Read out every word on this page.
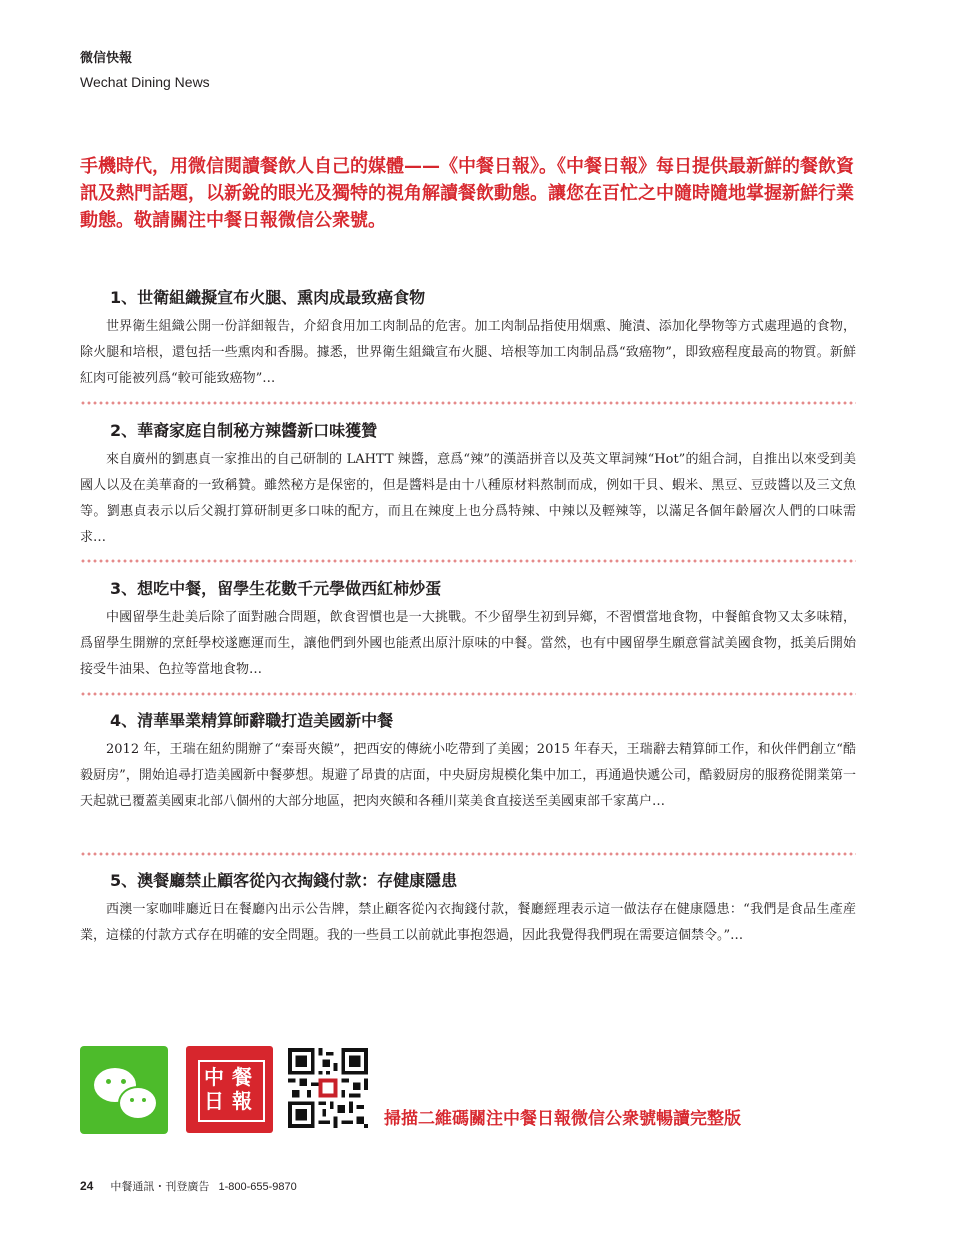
微信快報
Wechat Dining News
手機時代，用微信閱讀餐飲人自己的媒體——《中餐日報》。《中餐日報》每日提供最新鮮的餐飲資訊及熱門話題，以新銳的眼光及獨特的視角解讀餐飲動態。讓您在百忙之中隨時隨地掌握新鮮行業動態。敬請關注中餐日報微信公衆號。
1、世衛組織擬宣布火腿、熏肉成最致癌食物

世界衛生組織公開一份詳細報告，介紹食用加工肉制品的危害。加工肉制品指使用烟熏、腌漬、添加化學物等方式處理過的食物，除火腿和培根，還包括一些熏肉和香腸。據悉，世界衛生組織宣布火腿、培根等加工肉制品爲“致癌物”，即致癌程度最高的物質。新鮮紅肉可能被列爲“較可能致癌物”…

2、華裔家庭自制秘方辣醬新口味獲贊

來自廣州的劉惠貞一家推出的自己研制的 LAHTT 辣醬，意爲“辣”的漢語拼音以及英文單詞辣“Hot”的組合詞，自推出以來受到美國人以及在美華裔的一致稱贊。雖然秘方是保密的，但是醬料是由十八種原材料熬制而成，例如干貝、蝦米、黑豆、豆豉醬以及三文魚等。劉惠貞表示以后父親打算研制更多口味的配方，而且在辣度上也分爲特辣、中辣以及輕辣等，以滿足各個年齡層次人們的口味需求…

3、想吃中餐，留學生花數千元學做西紅柿炒蛋

中國留學生赴美后除了面對融合問題，飲食習慣也是一大挑戰。不少留學生初到异鄉，不習慣當地食物，中餐館食物又太多味精，爲留學生開辦的烹飪學校遂應運而生，讓他們到外國也能煮出原汁原味的中餐。當然，也有中國留學生願意嘗試美國食物，抵美后開始接受牛油果、色拉等當地食物…

4、清華畢業精算師辭職打造美國新中餐

2012 年，王瑞在紐約開辦了“秦哥夾饃”，把西安的傳統小吃帶到了美國；2015 年春天，王瑞辭去精算師工作，和伙伴們創立“酷毅厨房”，開始追尋打造美國新中餐夢想。規避了昂貴的店面，中央厨房規模化集中加工，再通過快遞公司，酷毅厨房的服務從開業第一天起就已覆蓋美國東北部八個州的大部分地區，把肉夾饃和各種川菜美食直接送至美國東部千家萬户…

5、澳餐廳禁止顧客從內衣掏錢付款：存健康隱患

西澳一家咖啡廳近日在餐廳內出示公告牌，禁止顧客從內衣掏錢付款，餐廳經理表示這一做法存在健康隱患：“我們是食品生產産業，這樣的付款方式存在明確的安全問題。我的一些員工以前就此事抱怨過，因此我覺得我們現在需要這個禁令。”…

中
日
餐
報
掃描二維碼關注中餐日報微信公衆號暢讀完整版
24 中餐通訊・刊登廣告 1-800-655-9870
